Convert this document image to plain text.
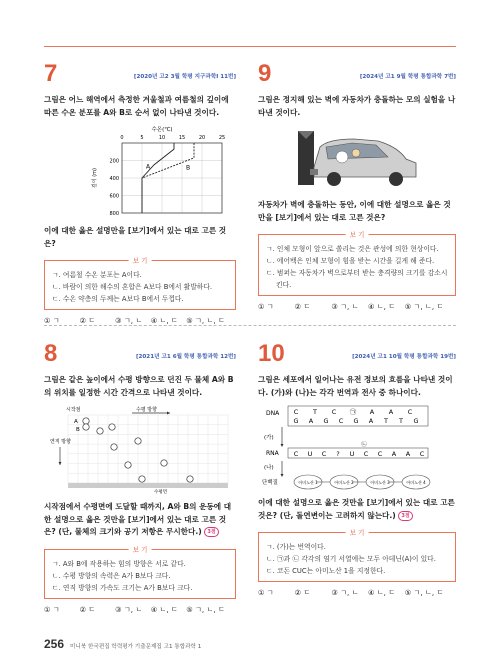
7	[2020년 고2 3월 학평 지구과학Ⅰ 11번]
그림은 어느 해역에서 측정한 겨울철과 여름철의 깊이에 따른 수온 분포를 A와 B로 순서 없이 나타낸 것이다.
수온(℃)
0	5	10	15	20	25
200
400
600
800
깊이 (m)
A	B
이에 대한 옳은 설명만을 [보기]에서 있는 대로 고른 것은?
보 기
ㄱ. 여름철 수온 분포는 A이다.
ㄴ. 바람이 의한 해수의 혼합은 A보다 B에서 활발하다.
ㄷ. 수온 약층의 두께는 A보다 B에서 두껍다.
① ㄱ	② ㄷ	③ ㄱ, ㄴ	④ ㄴ, ㄷ	⑤ ㄱ, ㄴ, ㄷ
9	[2024년 고1 9월 학평 통합과학 7번]
그림은 정지해 있는 벽에 자동차가 충돌하는 모의 실험을 나타낸 것이다.
자동차가 벽에 충돌하는 동안, 이에 대한 설명으로 옳은 것만을 [보기]에서 있는 대로 고른 것은?
보 기
ㄱ. 인체 모형이 앞으로 쏠리는 것은 관성에 의한 현상이다.
ㄴ. 에어백은 인체 모형이 힘을 받는 시간을 길게 해 준다.
ㄷ. 범퍼는 자동차가 벽으로부터 받는 충격량의 크기를 감소시킨다.
① ㄱ	② ㄷ	③ ㄱ, ㄴ	④ ㄴ, ㄷ	⑤ ㄱ, ㄴ, ㄷ
8	[2021년 고1 6월 학평 통합과학 12번]
그림은 같은 높이에서 수평 방향으로 던진 두 물체 A와 B의 위치를 일정한 시간 간격으로 나타낸 것이다.
시작점	수평 방향
연직 방향
A
B
수평면
시작점에서 수평면에 도달할 때까지, A와 B의 운동에 대한 설명으로 옳은 것만을 [보기]에서 있는 대로 고른 것은? (단, 물체의 크기와 공기 저항은 무시한다.) 3점
보 기
ㄱ. A와 B에 작용하는 힘의 방향은 서로 같다.
ㄴ. 수평 방향의 속력은 A가 B보다 크다.
ㄷ. 연직 방향의 가속도 크기는 A가 B보다 크다.
① ㄱ	② ㄷ	③ ㄱ, ㄴ	④ ㄴ, ㄷ	⑤ ㄱ, ㄴ, ㄷ
10	[2024년 고1 10월 학평 통합과학 19번]
그림은 세포에서 일어나는 유전 정보의 흐름을 나타낸 것이다. (가)와 (나)는 각각 번역과 전사 중 하나이다.
DNA C T C ㉠ A A C
G A G C G A T T G
(가)
RNA C U C ? U C C A A C
㉡
(나)
단백질	아미노산 1	아미노산 2	아미노산 3	아미노산 4
이에 대한 설명으로 옳은 것만을 [보기]에서 있는 대로 고른 것은? (단, 돌연변이는 고려하지 않는다.) 3점
보 기
ㄱ. (가)는 번역이다.
ㄴ. ㉠과 ㉡ 각각의 염기 서열에는 모두 아데닌(A)이 있다.
ㄷ. 코돈 CUC는 아미노산 1을 지정한다.
① ㄱ	② ㄷ	③ ㄱ, ㄴ	④ ㄴ, ㄷ	⑤ ㄱ, ㄴ, ㄷ
256 미니북 한국편집 학력평가 기출문제집 고1 통합과학 1
